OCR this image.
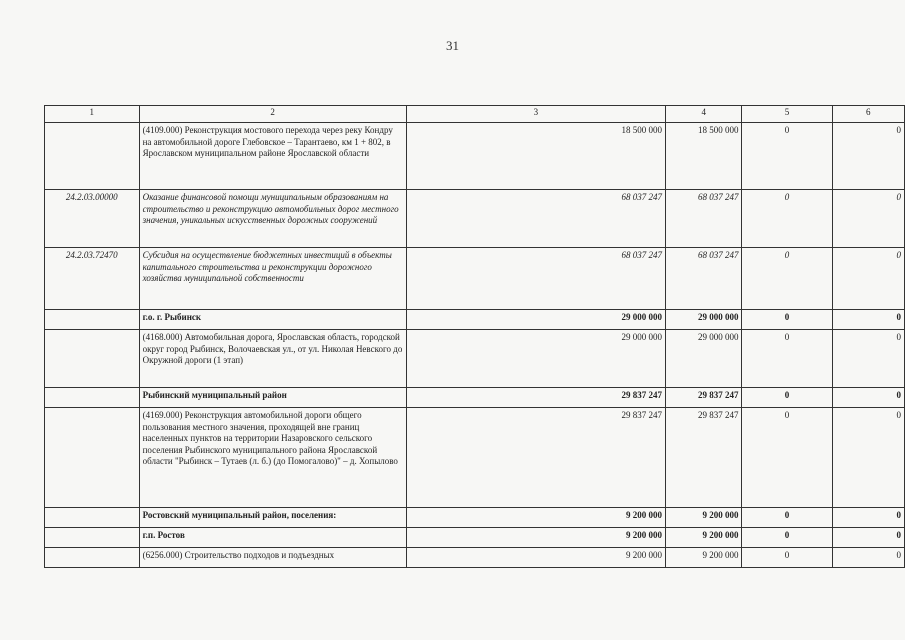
31
1	2	3	4	5	6
	(4109.000) Реконструкция мостового перехода через реку Кондру на автомобильной дороге Глебовское – Тарантаево, км 1 + 802, в Ярославском муниципальном районе Ярославской области	18 500 000	18 500 000	0	0
24.2.03.00000	Оказание финансовой помощи муниципальным образованиям на строительство и реконструкцию автомобильных дорог местного значения, уникальных искусственных дорожных сооружений	68 037 247	68 037 247	0	0
24.2.03.72470	Субсидия на осуществление бюджетных инвестиций в объекты капитального строительства и реконструкции дорожного хозяйства муниципальной собственности	68 037 247	68 037 247	0	0
	г.о. г. Рыбинск	29 000 000	29 000 000	0	0
	(4168.000) Автомобильная дорога, Ярославская область, городской округ город Рыбинск, Волочаевская ул., от ул. Николая Невского до Окружной дороги (1 этап)	29 000 000	29 000 000	0	0
	Рыбинский муниципальный район	29 837 247	29 837 247	0	0
	(4169.000) Реконструкция автомобильной дороги общего пользования местного значения, проходящей вне границ населенных пунктов на территории Назаровского сельского поселения Рыбинского муниципального района Ярославской области "Рыбинск – Тутаев (л. б.) (до Помогалово)" – д. Хопылово	29 837 247	29 837 247	0	0
	Ростовский муниципальный район, поселения:	9 200 000	9 200 000	0	0
	г.п. Ростов	9 200 000	9 200 000	0	0
	(6256.000) Строительство подходов и подъездных	9 200 000	9 200 000	0	0
